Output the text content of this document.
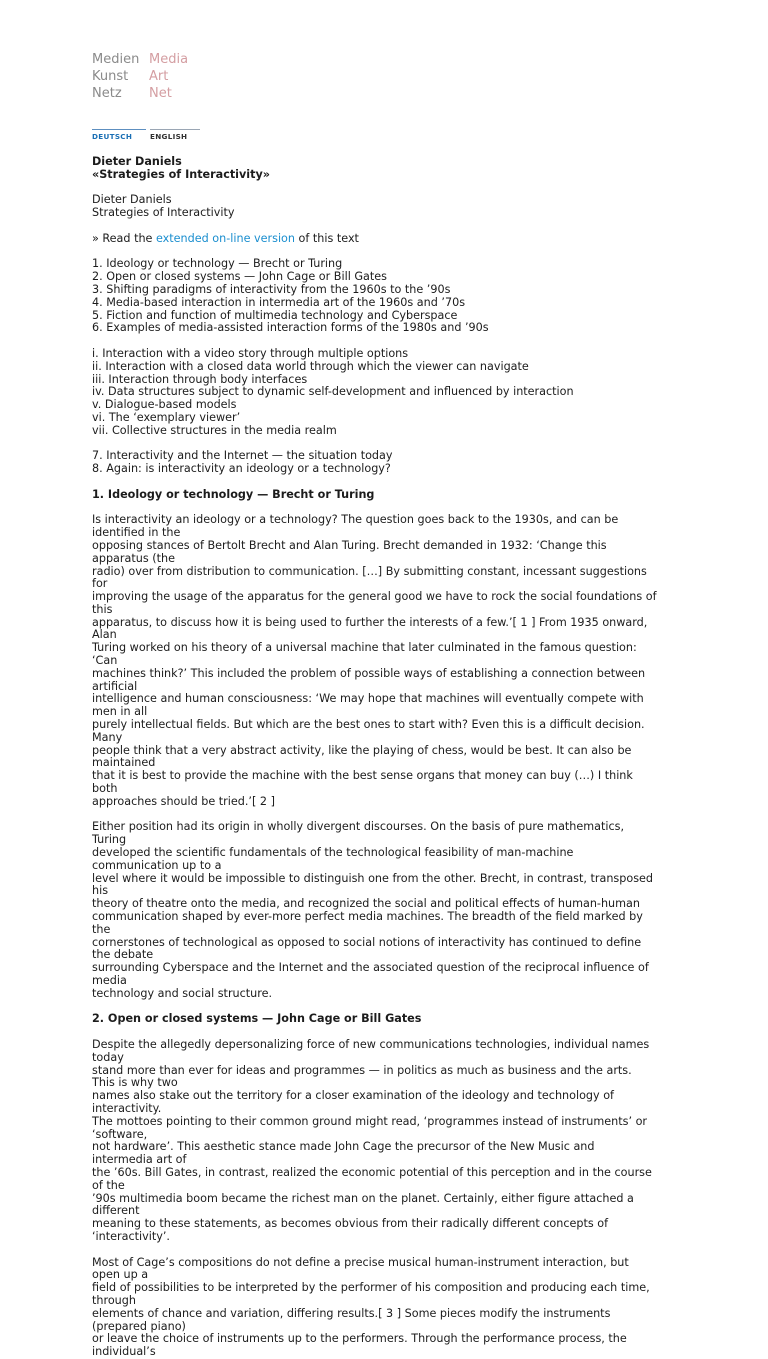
Medien Media
Kunst	Art
Netz	Net
DEUTSCH	ENGLISH

Dieter Daniels

«Strategies of Interactivity»

Dieter Daniels

Strategies of Interactivity

» Read the extended on-line version of this text

1. Ideology or technology — Brecht or Turing

2. Open or closed systems — John Cage or Bill Gates

3. Shifting paradigms of interactivity from the 1960s to the ’90s

4. Media-based interaction in intermedia art of the 1960s and ’70s

5. Fiction and function of multimedia technology and Cyberspace

6. Examples of media-assisted interaction forms of the 1980s and ’90s

i. Interaction with a video story through multiple options

ii. Interaction with a closed data world through which the viewer can navigate

iii. Interaction through body interfaces

iv. Data structures subject to dynamic self-development and influenced by interaction

v. Dialogue-based models

vi. The ‘exemplary viewer’

vii. Collective structures in the media realm

7. Interactivity and the Internet — the situation today

8. Again: is interactivity an ideology or a technology?

1. Ideology or technology — Brecht or Turing

Is interactivity an ideology or a technology? The question goes back to the 1930s, and can be identified in the

opposing stances of Bertolt Brecht and Alan Turing. Brecht demanded in 1932: ‘Change this apparatus (the

radio) over from distribution to communication. […] By submitting constant, incessant suggestions for

improving the usage of the apparatus for the general good we have to rock the social foundations of this

apparatus, to discuss how it is being used to further the interests of a few.’[ 1 ] From 1935 onward, Alan

Turing worked on his theory of a universal machine that later culminated in the famous question: ‘Can

machines think?’ This included the problem of possible ways of establishing a connection between artificial

intelligence and human consciousness: ‘We may hope that machines will eventually compete with men in all

purely intellectual fields. But which are the best ones to start with? Even this is a difficult decision. Many

people think that a very abstract activity, like the playing of chess, would be best. It can also be maintained

that it is best to provide the machine with the best sense organs that money can buy (…) I think both

approaches should be tried.’[ 2 ]

Either position had its origin in wholly divergent discourses. On the basis of pure mathematics, Turing

developed the scientific fundamentals of the technological feasibility of man-machine communication up to a

level where it would be impossible to distinguish one from the other. Brecht, in contrast, transposed his

theory of theatre onto the media, and recognized the social and political effects of human-human

communication shaped by ever-more perfect media machines. The breadth of the field marked by the

cornerstones of technological as opposed to social notions of interactivity has continued to define the debate

surrounding Cyberspace and the Internet and the associated question of the reciprocal influence of media

technology and social structure.

2. Open or closed systems — John Cage or Bill Gates

Despite the allegedly depersonalizing force of new communications technologies, individual names today

stand more than ever for ideas and programmes — in politics as much as business and the arts. This is why two

names also stake out the territory for a closer examination of the ideology and technology of interactivity.

The mottoes pointing to their common ground might read, ‘programmes instead of instruments’ or ‘software,

not hardware’. This aesthetic stance made John Cage the precursor of the New Music and intermedia art of

the ’60s. Bill Gates, in contrast, realized the economic potential of this perception and in the course of the

’90s multimedia boom became the richest man on the planet. Certainly, either figure attached a different

meaning to these statements, as becomes obvious from their radically different concepts of ‘interactivity’.

Most of Cage’s compositions do not define a precise musical human-instrument interaction, but open up a

field of possibilities to be interpreted by the performer of his composition and producing each time, through

elements of chance and variation, differing results.[ 3 ] Some pieces modify the instruments (prepared piano)

or leave the choice of instruments up to the performers. Through the performance process, the individual’s
